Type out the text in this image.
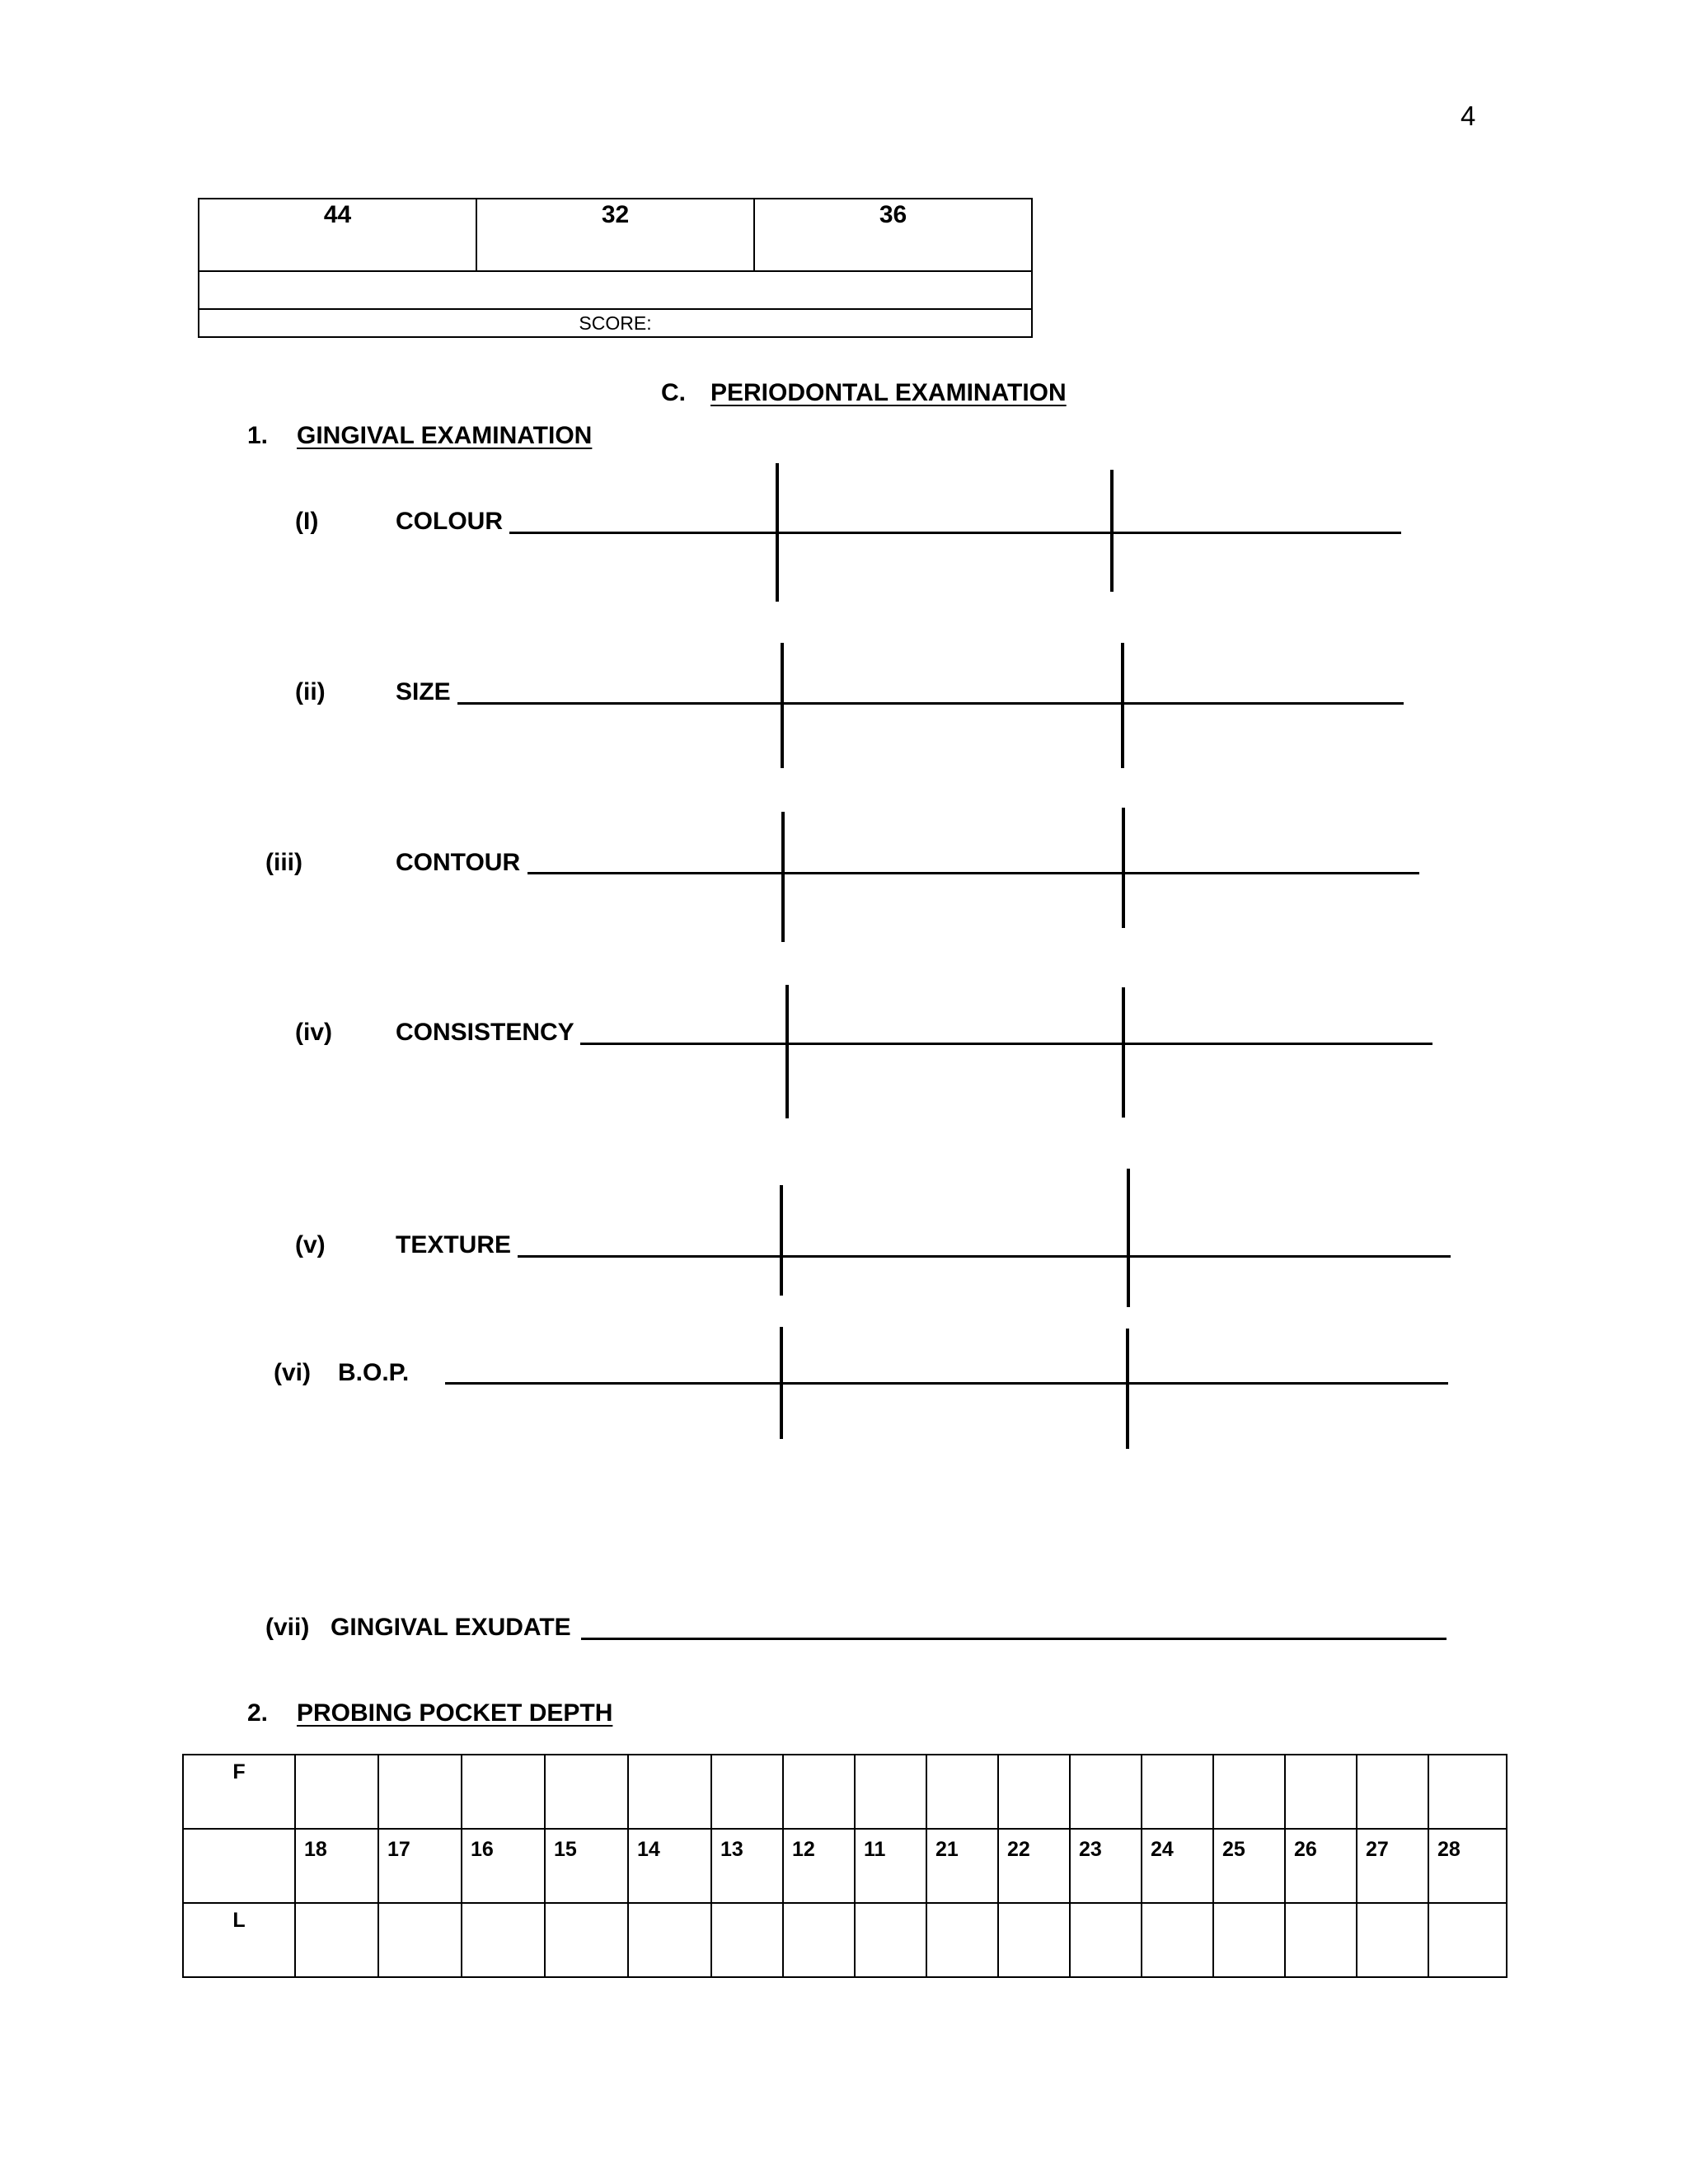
4
44	32	36

SCORE:
C. PERIODONTAL EXAMINATION
1. GINGIVAL EXAMINATION
(I)	COLOUR
(ii)	SIZE
(iii)	CONTOUR
(iv)	CONSISTENCY
(v)	TEXTURE
(vi) B.O.P.
(vii) GINGIVAL EXUDATE
2. PROBING POCKET DEPTH
F																
	18	17	16	15	14	13	12	11	21	22	23	24	25	26	27	28
L																
